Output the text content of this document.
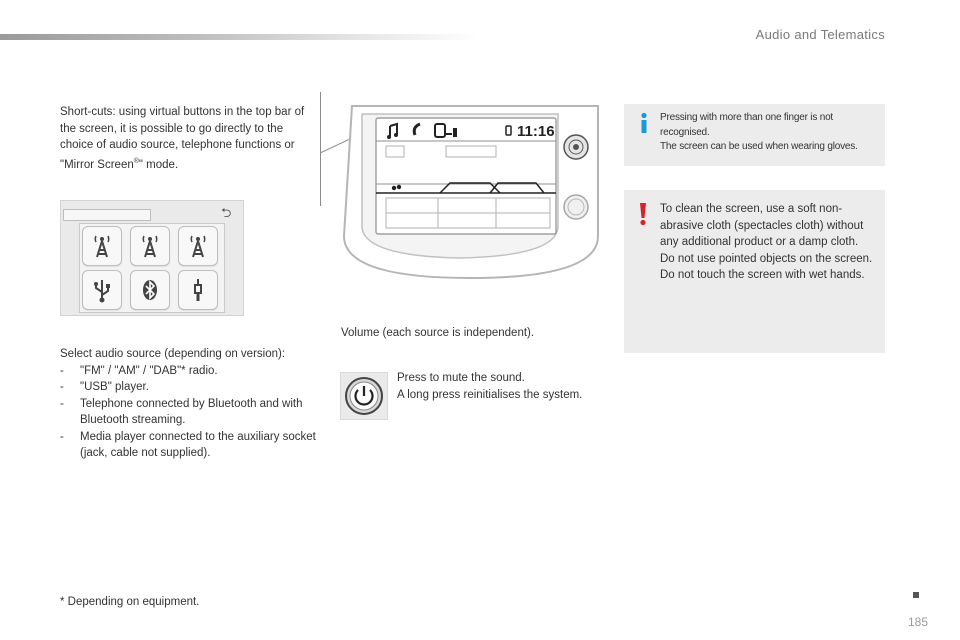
Audio and Telematics
Short-cuts: using virtual buttons in the top bar of the screen, it is possible to go directly to the choice of audio source, telephone functions or "Mirror Screen®" mode.
⮌
Select audio source (depending on version):
- "FM" / "AM" / "DAB"* radio.
- "USB" player.
- Telephone connected by Bluetooth and with Bluetooth streaming.
- Media player connected to the auxiliary socket (jack, cable not supplied).
11:16
Volume (each source is independent).
Press to mute the sound.
A long press reinitialises the system.
Pressing with more than one finger is not recognised.
The screen can be used when wearing gloves.
To clean the screen, use a soft non-abrasive cloth (spectacles cloth) without any additional product or a damp cloth.
Do not use pointed objects on the screen.
Do not touch the screen with wet hands.
* Depending on equipment.
185
